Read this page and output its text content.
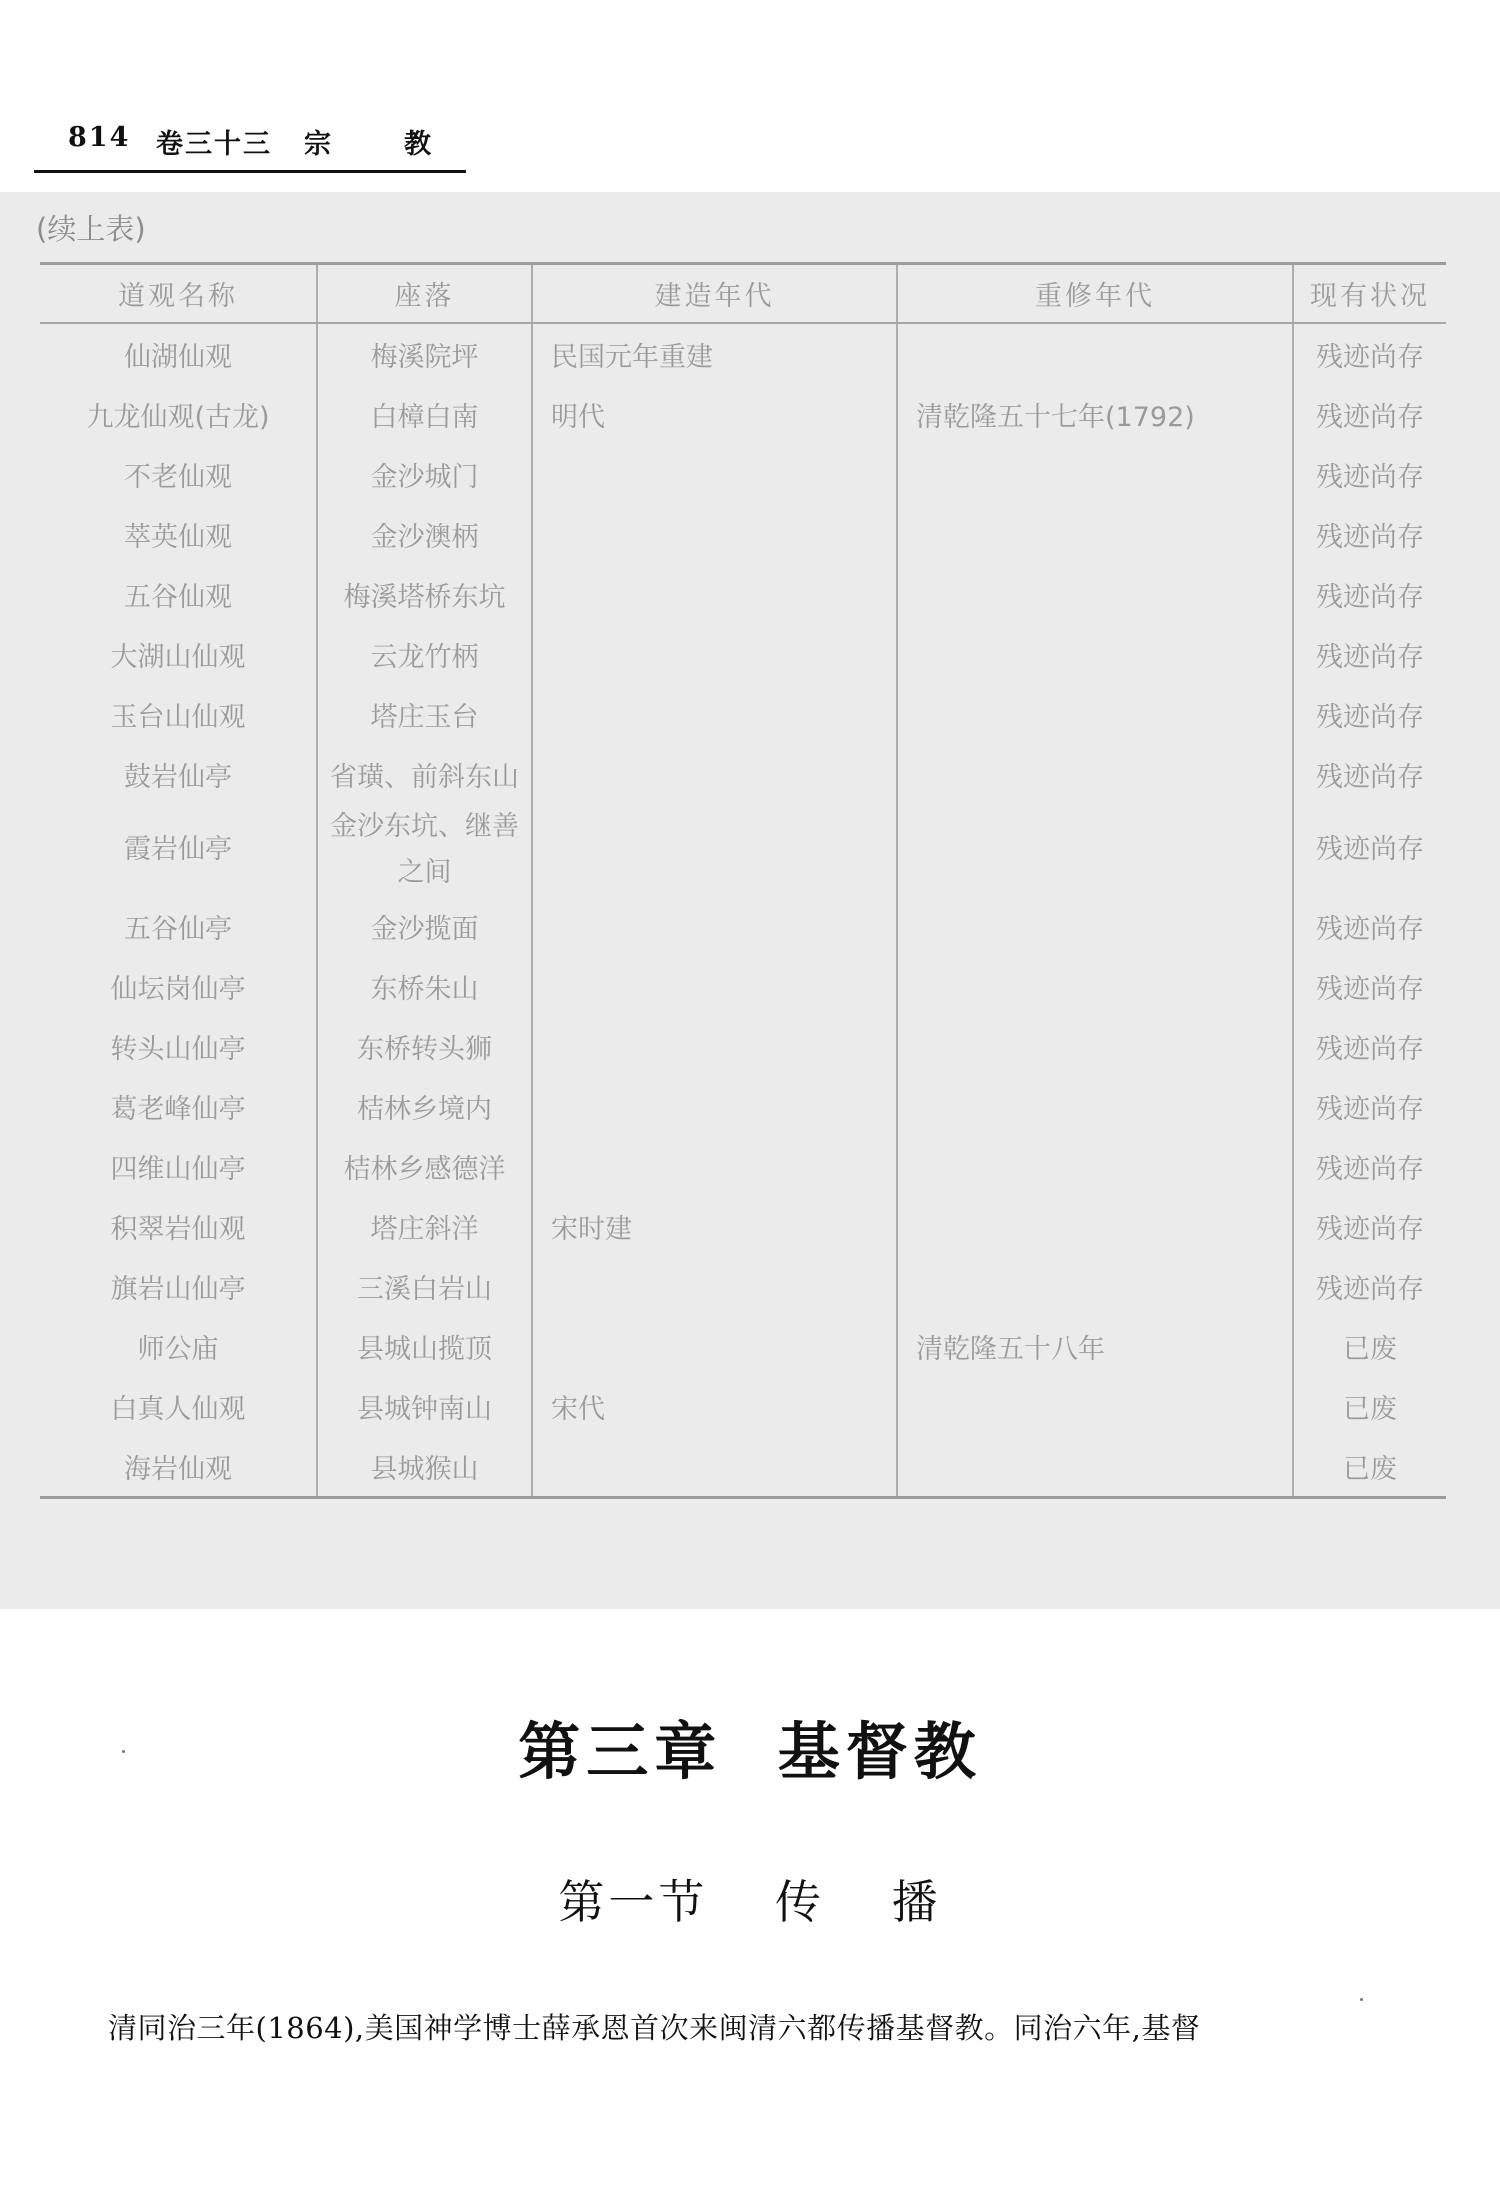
814 卷三十三 宗	教
(续上表)
道观名称	座落	建造年代	重修年代	现有状况
仙湖仙观	梅溪院坪	民国元年重建		残迹尚存
九龙仙观(古龙)	白樟白南	明代	清乾隆五十七年(1792)	残迹尚存
不老仙观	金沙城门			残迹尚存
萃英仙观	金沙澳柄			残迹尚存
五谷仙观	梅溪塔桥东坑			残迹尚存
大湖山仙观	云龙竹柄			残迹尚存
玉台山仙观	塔庄玉台			残迹尚存
鼓岩仙亭	省璜、前斜东山			残迹尚存
霞岩仙亭	金沙东坑、继善之间			残迹尚存
五谷仙亭	金沙揽面			残迹尚存
仙坛岗仙亭	东桥朱山			残迹尚存
转头山仙亭	东桥转头狮			残迹尚存
葛老峰仙亭	桔林乡境内			残迹尚存
四维山仙亭	桔林乡感德洋			残迹尚存
积翠岩仙观	塔庄斜洋	宋时建		残迹尚存
旗岩山仙亭	三溪白岩山			残迹尚存
师公庙	县城山揽顶		清乾隆五十八年	已废
白真人仙观	县城钟南山	宋代		已废
海岩仙观	县城猴山			已废
第三章 基督教
第一节 传 播
清同治三年(1864),美国神学博士薛承恩首次来闽清六都传播基督教。同治六年,基督
